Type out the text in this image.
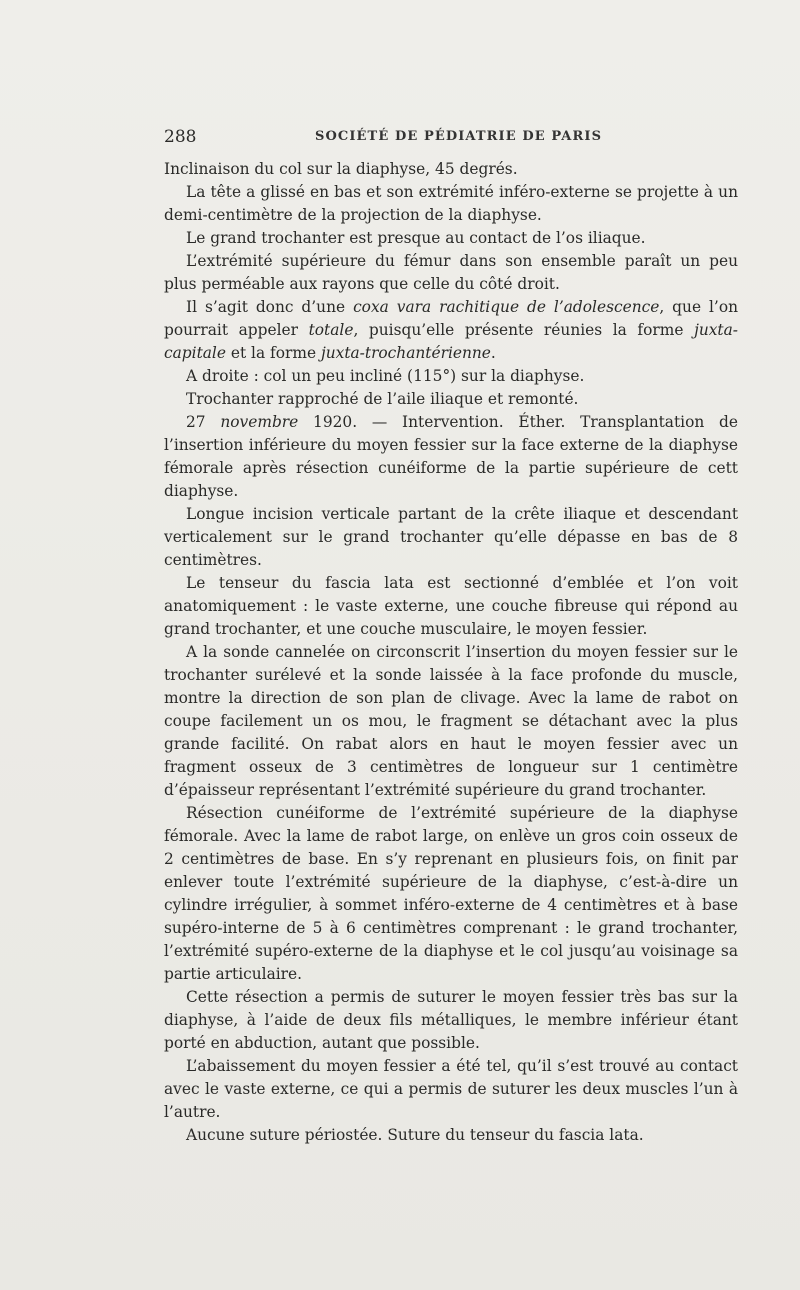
288	SOCIÉTÉ DE PÉDIATRIE DE PARIS

Inclinaison du col sur la diaphyse, 45 degrés.

La tête a glissé en bas et son extrémité inféro-externe se projette à un demi-centimètre de la projection de la diaphyse.

Le grand trochanter est presque au contact de l’os iliaque.

L’extrémité supérieure du fémur dans son ensemble paraît un peu plus perméable aux rayons que celle du côté droit.

Il s’agit donc d’une coxa vara rachitique de l’adolescence, que l’on pourrait appeler totale, puisqu’elle présente réunies la forme juxta-capitale et la forme juxta-trochantérienne.

A droite : col un peu incliné (115°) sur la diaphyse.

Trochanter rapproché de l’aile iliaque et remonté.

27 novembre 1920. — Intervention. Éther. Transplantation de l’insertion inférieure du moyen fessier sur la face externe de la diaphyse fémorale après résection cunéiforme de la partie supérieure de cett diaphyse.

Longue incision verticale partant de la crête iliaque et descendant verticalement sur le grand trochanter qu’elle dépasse en bas de 8 centimètres.

Le tenseur du fascia lata est sectionné d’emblée et l’on voit anatomiquement : le vaste externe, une couche fibreuse qui répond au grand trochanter, et une couche musculaire, le moyen fessier.

A la sonde cannelée on circonscrit l’insertion du moyen fessier sur le trochanter surélevé et la sonde laissée à la face profonde du muscle, montre la direction de son plan de clivage. Avec la lame de rabot on coupe facilement un os mou, le fragment se détachant avec la plus grande facilité. On rabat alors en haut le moyen fessier avec un fragment osseux de 3 centimètres de longueur sur 1 centimètre d’épaisseur représentant l’extrémité supérieure du grand trochanter.

Résection cunéiforme de l’extrémité supérieure de la diaphyse fémorale. Avec la lame de rabot large, on enlève un gros coin osseux de 2 centimètres de base. En s’y reprenant en plusieurs fois, on finit par enlever toute l’extrémité supérieure de la diaphyse, c’est-à-dire un cylindre irrégulier, à sommet inféro-externe de 4 centimètres et à base supéro-interne de 5 à 6 centimètres comprenant : le grand trochanter, l’extrémité supéro-externe de la diaphyse et le col jusqu’au voisinage sa partie articulaire.

Cette résection a permis de suturer le moyen fessier très bas sur la diaphyse, à l’aide de deux fils métalliques, le membre inférieur étant porté en abduction, autant que possible.

L’abaissement du moyen fessier a été tel, qu’il s’est trouvé au contact avec le vaste externe, ce qui a permis de suturer les deux muscles l’un à l’autre.

Aucune suture périostée. Suture du tenseur du fascia lata.
